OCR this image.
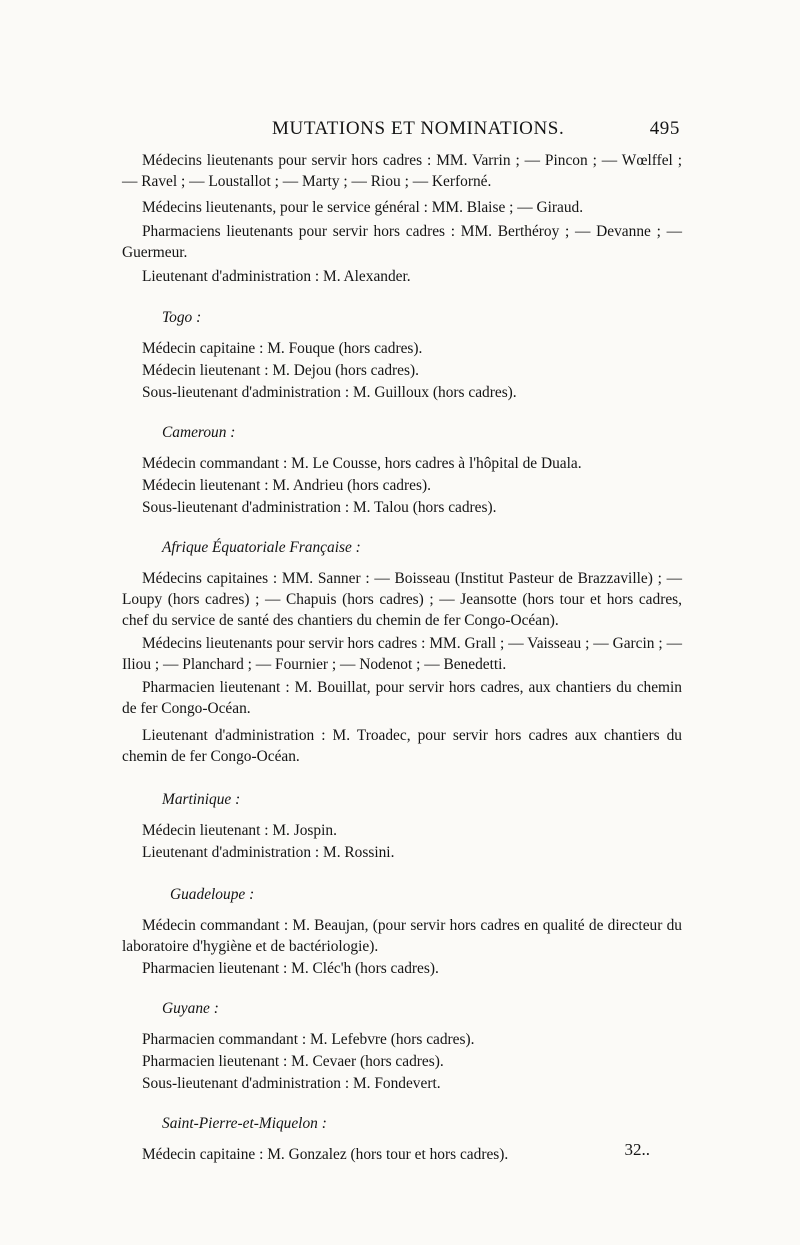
MUTATIONS ET NOMINATIONS.	495

Médecins lieutenants pour servir hors cadres : MM. Varrin ; — Pincon ; — Wœlffel ; — Ravel ; — Loustallot ; — Marty ; — Riou ; — Kerforné.

Médecins lieutenants, pour le service général : MM. Blaise ; — Giraud.

Pharmaciens lieutenants pour servir hors cadres : MM. Berthéroy ; — Devanne ; — Guermeur.

Lieutenant d'administration : M. Alexander.

Togo :

Médecin capitaine : M. Fouque (hors cadres).

Médecin lieutenant : M. Dejou (hors cadres).

Sous-lieutenant d'administration : M. Guilloux (hors cadres).

Cameroun :

Médecin commandant : M. Le Cousse, hors cadres à l'hôpital de Duala.

Médecin lieutenant : M. Andrieu (hors cadres).

Sous-lieutenant d'administration : M. Talou (hors cadres).

Afrique Équatoriale Française :

Médecins capitaines : MM. Sanner : — Boisseau (Institut Pasteur de Brazzaville) ; — Loupy (hors cadres) ; — Chapuis (hors cadres) ; — Jeansotte (hors tour et hors cadres, chef du service de santé des chantiers du chemin de fer Congo-Océan).

Médecins lieutenants pour servir hors cadres : MM. Grall ; — Vaisseau ; — Garcin ; — Iliou ; — Planchard ; — Fournier ; — Nodenot ; — Benedetti.

Pharmacien lieutenant : M. Bouillat, pour servir hors cadres, aux chantiers du chemin de fer Congo-Océan.

Lieutenant d'administration : M. Troadec, pour servir hors cadres aux chantiers du chemin de fer Congo-Océan.

Martinique :

Médecin lieutenant : M. Jospin.

Lieutenant d'administration : M. Rossini.

Guadeloupe :

Médecin commandant : M. Beaujan, (pour servir hors cadres en qualité de directeur du laboratoire d'hygiène et de bactériologie).

Pharmacien lieutenant : M. Cléc'h (hors cadres).

Guyane :

Pharmacien commandant : M. Lefebvre (hors cadres).

Pharmacien lieutenant : M. Cevaer (hors cadres).

Sous-lieutenant d'administration : M. Fondevert.

Saint-Pierre-et-Miquelon :

Médecin capitaine : M. Gonzalez (hors tour et hors cadres).	32..
